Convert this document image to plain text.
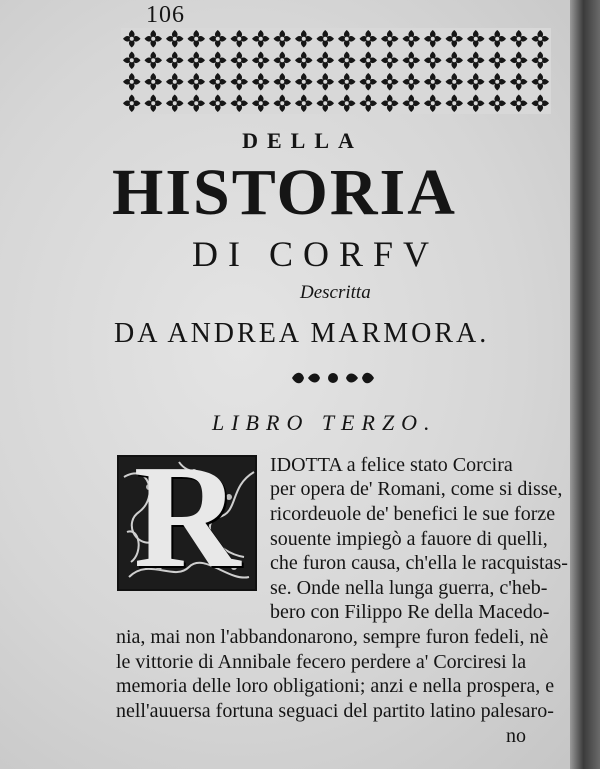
106
DELLA
HISTORIA
DI CORFV
Descritta
DA ANDREA MARMORA.
LIBRO TERZO.
R	IDOTTA a felice stato Corcira
per opera de' Romani, come si disse,
ricordeuole de' benefici le sue forze
souente impiegò a fauore di quelli,
che furon causa, ch'ella le racquistas-
se. Onde nella lunga guerra, c'heb-
bero con Filippo Re della Macedo-
nia, mai non l'abbandonarono, sempre furon fedeli, nè
le vittorie di Annibale fecero perdere a' Corciresi la
memoria delle loro obligationi; anzi e nella prospera, e
nell'auuersa fortuna seguaci del partito latino palesaro-
no
